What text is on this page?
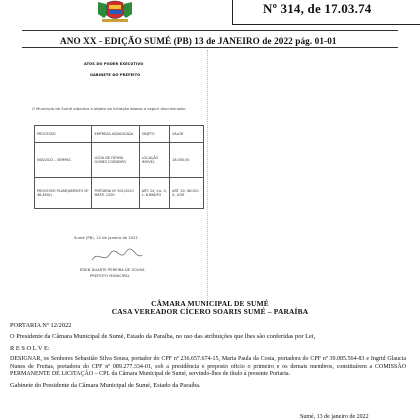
Nº 314, de 17.03.74
ANO XX - EDIÇÃO SUMÉ (PB) 13 de JANEIRO de 2022 pág. 01-01
ATOS DO PODER EXECUTIVO
GABINETE DO PREFEITO
O Município de Sumé adjudica o objeto da licitação abaixo a seguir discriminado:
PROCESSO	EMPRESA ADJUDICADA	OBJETO	VALOR
008/2022 – SEMPAS	LÚCIA DE FÁTIMA GOMES CORDEIRO	LOCAÇÃO IMÓVEL	18.000,00
PROCESSO PLANEJAMENTO Nº 46.469/1	PORTARIA Nº 501/2020 MATR. 1200	ART. 24, Inc. II, L. 8.666/93	ART. 30, INCISO X, LOM
Sumé (PB), 12 de janeiro de 2022
ÉDEN DUARTE PEREIRA DE SOUSA
PREFEITO MUNICIPAL
CÂMARA MUNICIPAL DE SUMÉ
CASA VEREADOR CÍCERO SOARIS SUMÉ – PARAÍBA

PORTARIA Nº 12/2022

O Presidente da Câmara Municipal de Sumé, Estado da Paraíba, no uso das atribuições que lhes são conferidas por Lei,

R E S O L V E:

DESIGNAR, os Senhores Sebastião Silva Sousa, portador do CPF nº 236.657.674-15, Maria Paula da Costa, portadora do CPF nº 39.085.564-83 e Ingrid Glaucia Nunes de Freitas, portadora do CPF nº 089.277.334-01, sob a presidência e preposto oficio o primeiro e os demais membros, constituírem a COMISSÃO PERMANENTE DE LICITAÇÃO – CPL da Câmara Municipal de Sumé, servindo-lhes de título à presente Portaria.

Gabinete do Presidente da Câmara Municipal de Sumé, Estado da Paraíba.

Sumé, 13 de janeiro de 2022
